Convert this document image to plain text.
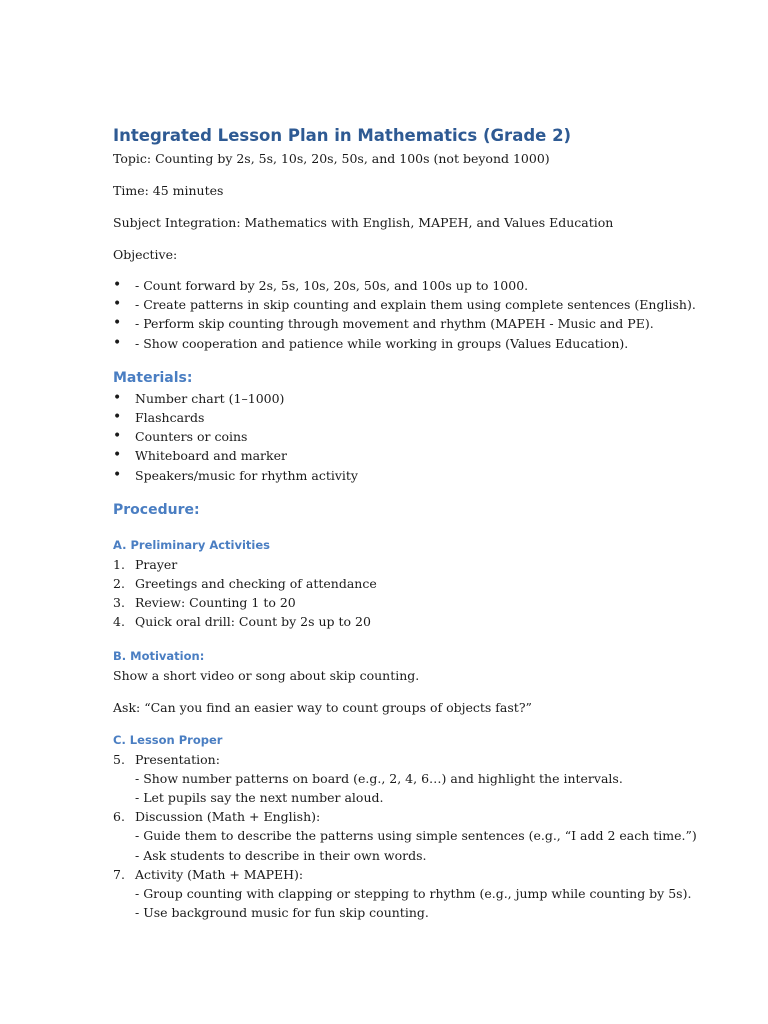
Integrated Lesson Plan in Mathematics (Grade 2)

Topic: Counting by 2s, 5s, 10s, 20s, 50s, and 100s (not beyond 1000)

Time: 45 minutes

Subject Integration: Mathematics with English, MAPEH, and Values Education

Objective:

• - Count forward by 2s, 5s, 10s, 20s, 50s, and 100s up to 1000.
• - Create patterns in skip counting and explain them using complete sentences (English).
• - Perform skip counting through movement and rhythm (MAPEH - Music and PE).
• - Show cooperation and patience while working in groups (Values Education).
Materials:
• Number chart (1–1000)
• Flashcards
• Counters or coins
• Whiteboard and marker
• Speakers/music for rhythm activity
Procedure:
A. Preliminary Activities
1. Prayer
2. Greetings and checking of attendance
3. Review: Counting 1 to 20
4. Quick oral drill: Count by 2s up to 20
B. Motivation:

Show a short video or song about skip counting.

Ask: “Can you find an easier way to count groups of objects fast?”

C. Lesson Proper
5. Presentation:
- Show number patterns on board (e.g., 2, 4, 6…) and highlight the intervals.
- Let pupils say the next number aloud.
6. Discussion (Math + English):
- Guide them to describe the patterns using simple sentences (e.g., “I add 2 each time.”)
- Ask students to describe in their own words.
7. Activity (Math + MAPEH):
- Group counting with clapping or stepping to rhythm (e.g., jump while counting by 5s).
- Use background music for fun skip counting.
